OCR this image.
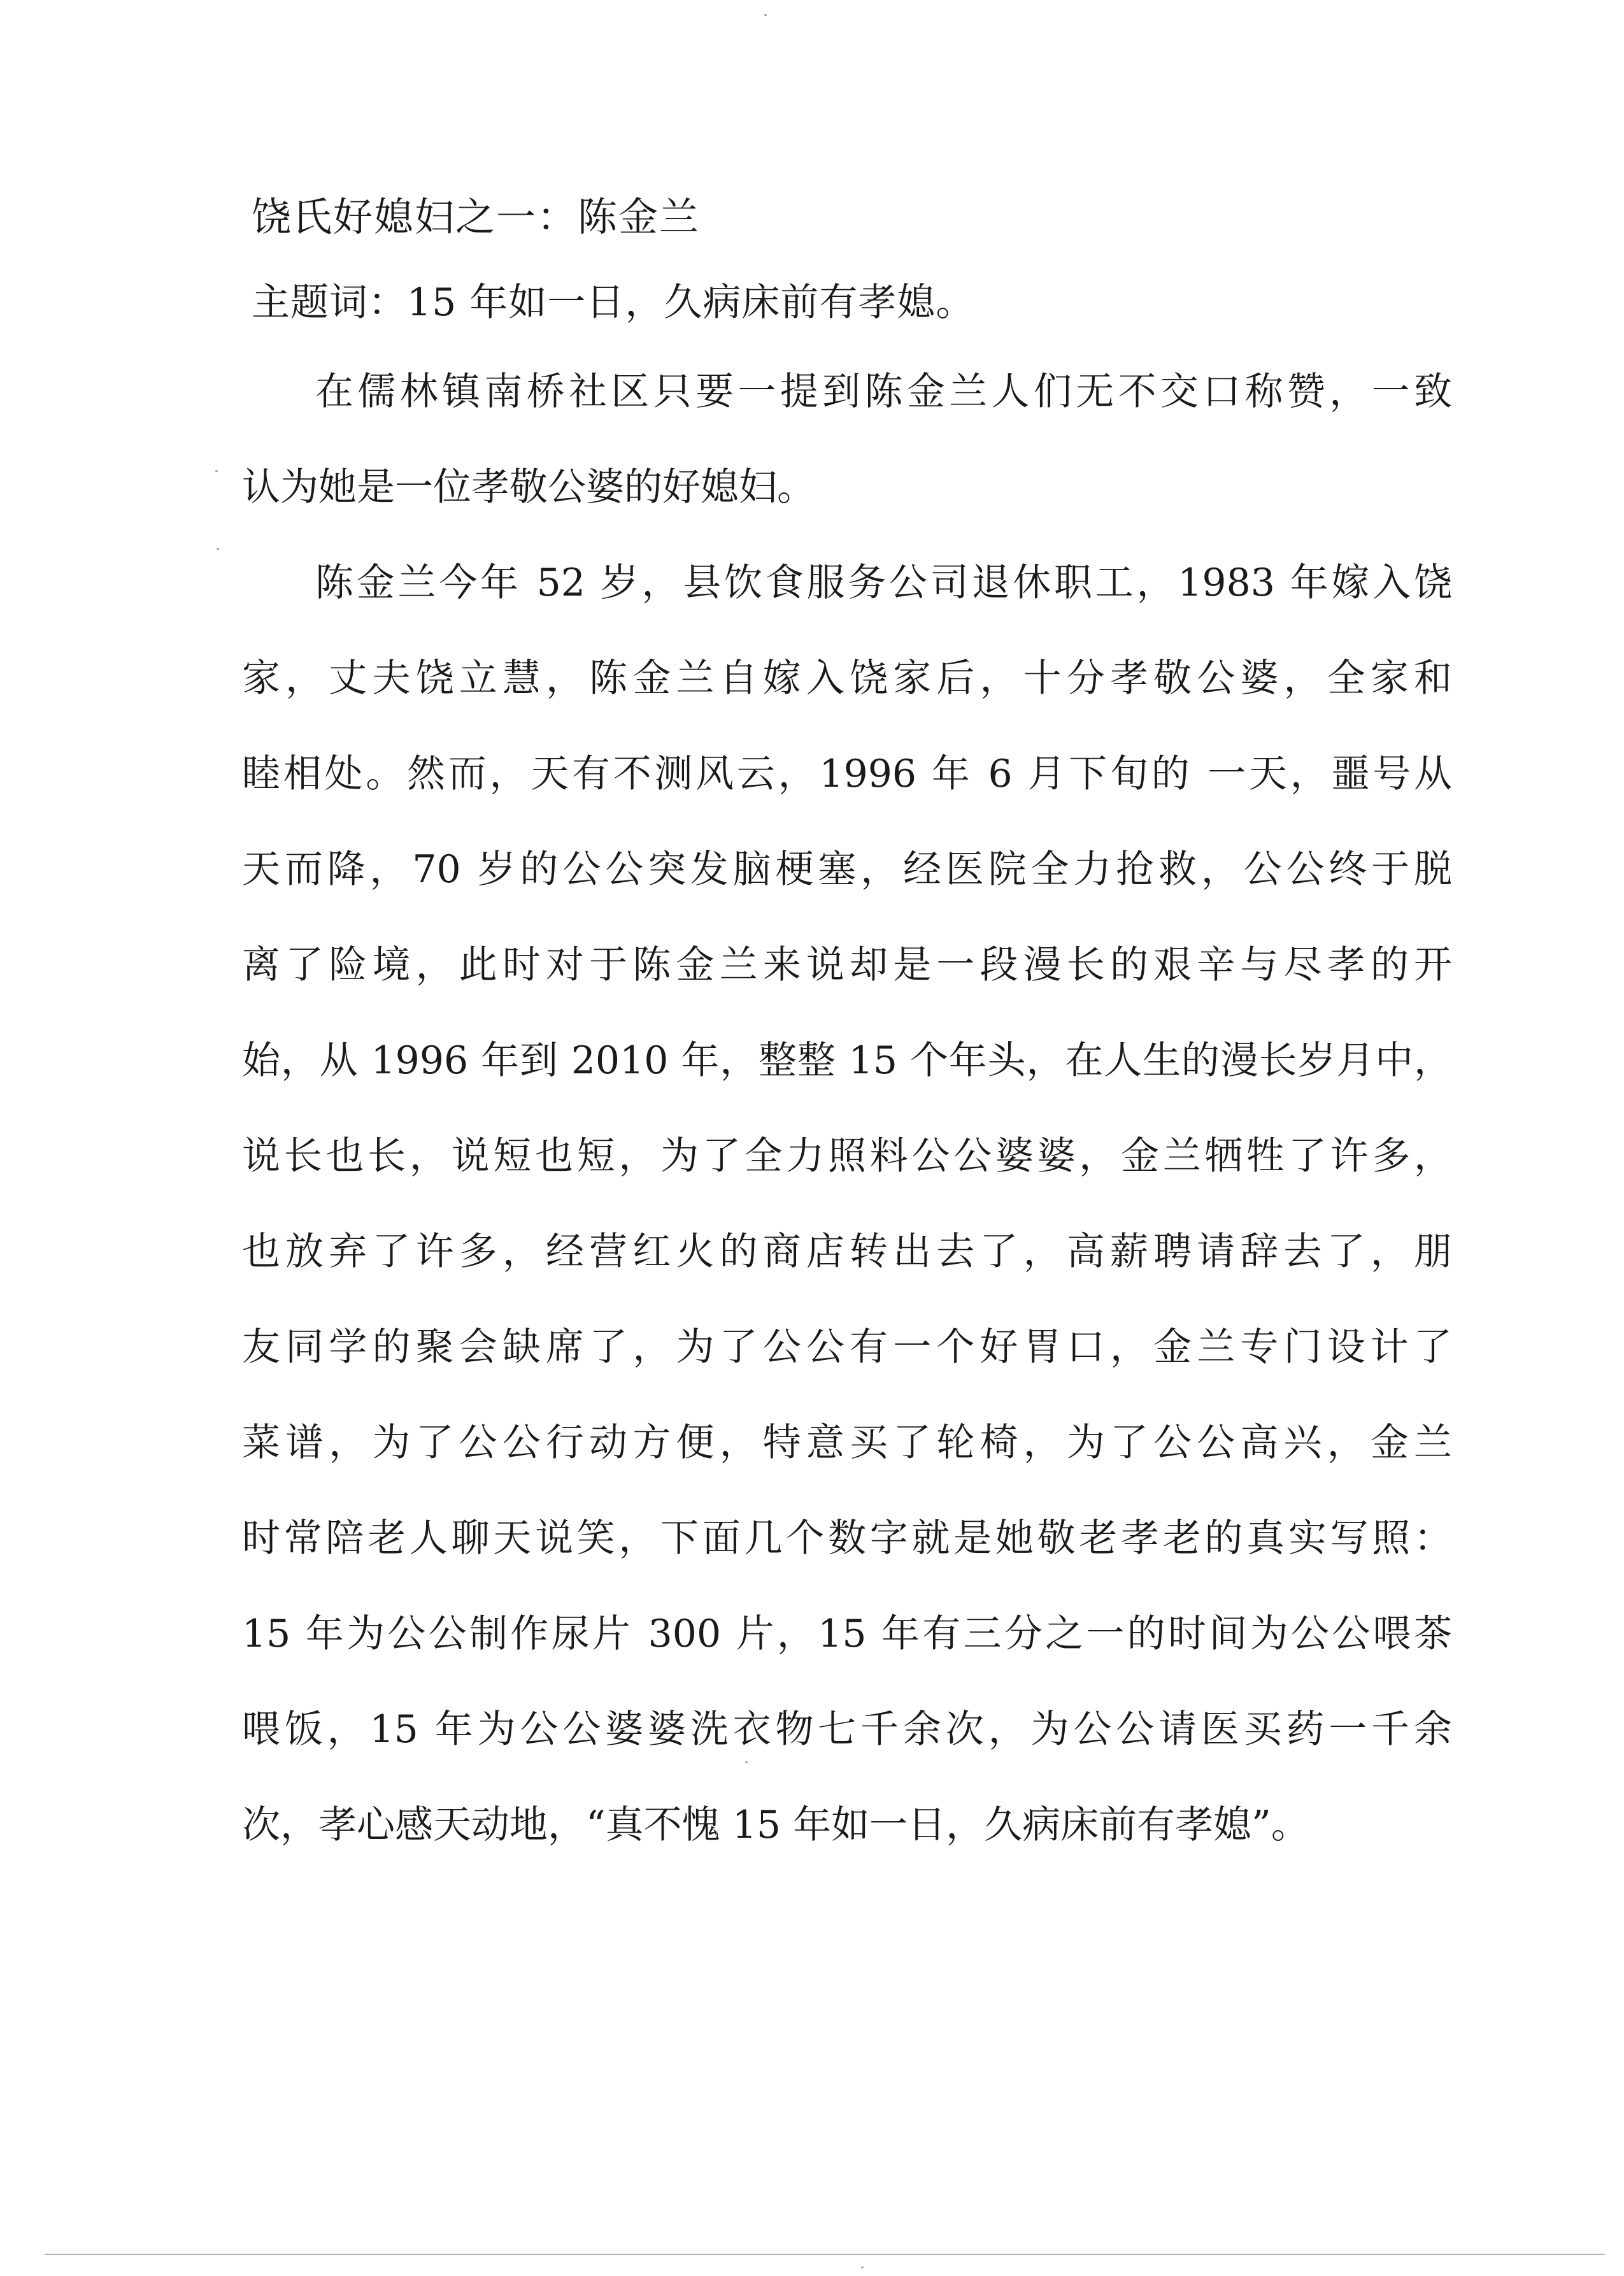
饶氏好媳妇之一：陈金兰
主题词：15 年如一日，久病床前有孝媳。
在儒林镇南桥社区只要一提到陈金兰人们无不交口称赞，一致
认为她是一位孝敬公婆的好媳妇。
陈金兰今年 52 岁，县饮食服务公司退休职工，1983 年嫁入饶
家，丈夫饶立慧，陈金兰自嫁入饶家后，十分孝敬公婆，全家和
睦相处。然而，天有不测风云，1996 年 6 月下旬的 一天，噩号从
天而降，70 岁的公公突发脑梗塞，经医院全力抢救，公公终于脱
离了险境，此时对于陈金兰来说却是一段漫长的艰辛与尽孝的开
始，从 1996 年到 2010 年，整整 15 个年头，在人生的漫长岁月中，
说长也长，说短也短，为了全力照料公公婆婆，金兰牺牲了许多，
也放弃了许多，经营红火的商店转出去了，高薪聘请辞去了，朋
友同学的聚会缺席了，为了公公有一个好胃口，金兰专门设计了
菜谱，为了公公行动方便，特意买了轮椅，为了公公高兴，金兰
时常陪老人聊天说笑，下面几个数字就是她敬老孝老的真实写照：
15 年为公公制作尿片 300 片，15 年有三分之一的时间为公公喂茶
喂饭，15 年为公公婆婆洗衣物七千余次，为公公请医买药一千余
次，孝心感天动地，“真不愧 15 年如一日，久病床前有孝媳”。
